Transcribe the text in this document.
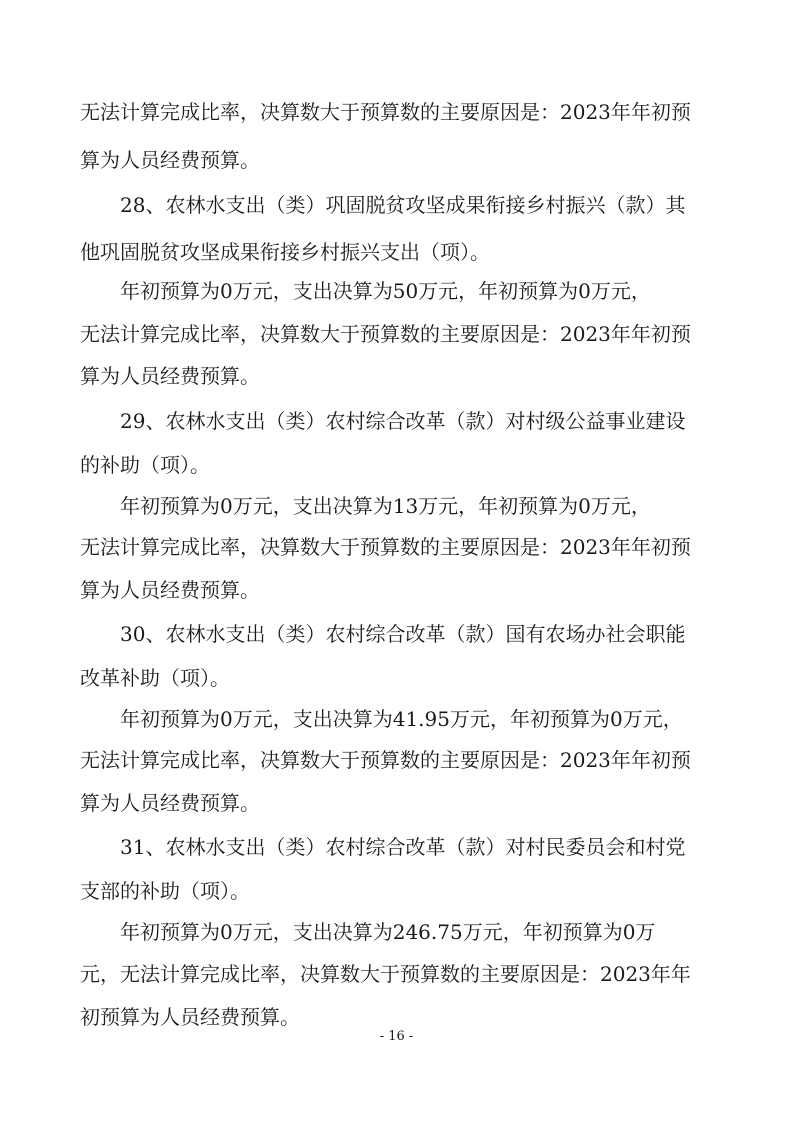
无法计算完成比率，决算数大于预算数的主要原因是：2023年年初预
算为人员经费预算。
28、农林水支出（类）巩固脱贫攻坚成果衔接乡村振兴（款）其
他巩固脱贫攻坚成果衔接乡村振兴支出（项）。
年初预算为0万元，支出决算为50万元，年初预算为0万元，
无法计算完成比率，决算数大于预算数的主要原因是：2023年年初预
算为人员经费预算。
29、农林水支出（类）农村综合改革（款）对村级公益事业建设
的补助（项）。
年初预算为0万元，支出决算为13万元，年初预算为0万元，
无法计算完成比率，决算数大于预算数的主要原因是：2023年年初预
算为人员经费预算。
30、农林水支出（类）农村综合改革（款）国有农场办社会职能
改革补助（项）。
年初预算为0万元，支出决算为41.95万元，年初预算为0万元，
无法计算完成比率，决算数大于预算数的主要原因是：2023年年初预
算为人员经费预算。
31、农林水支出（类）农村综合改革（款）对村民委员会和村党
支部的补助（项）。
年初预算为0万元，支出决算为246.75万元，年初预算为0万
元，无法计算完成比率，决算数大于预算数的主要原因是：2023年年
初预算为人员经费预算。
- 16 -
